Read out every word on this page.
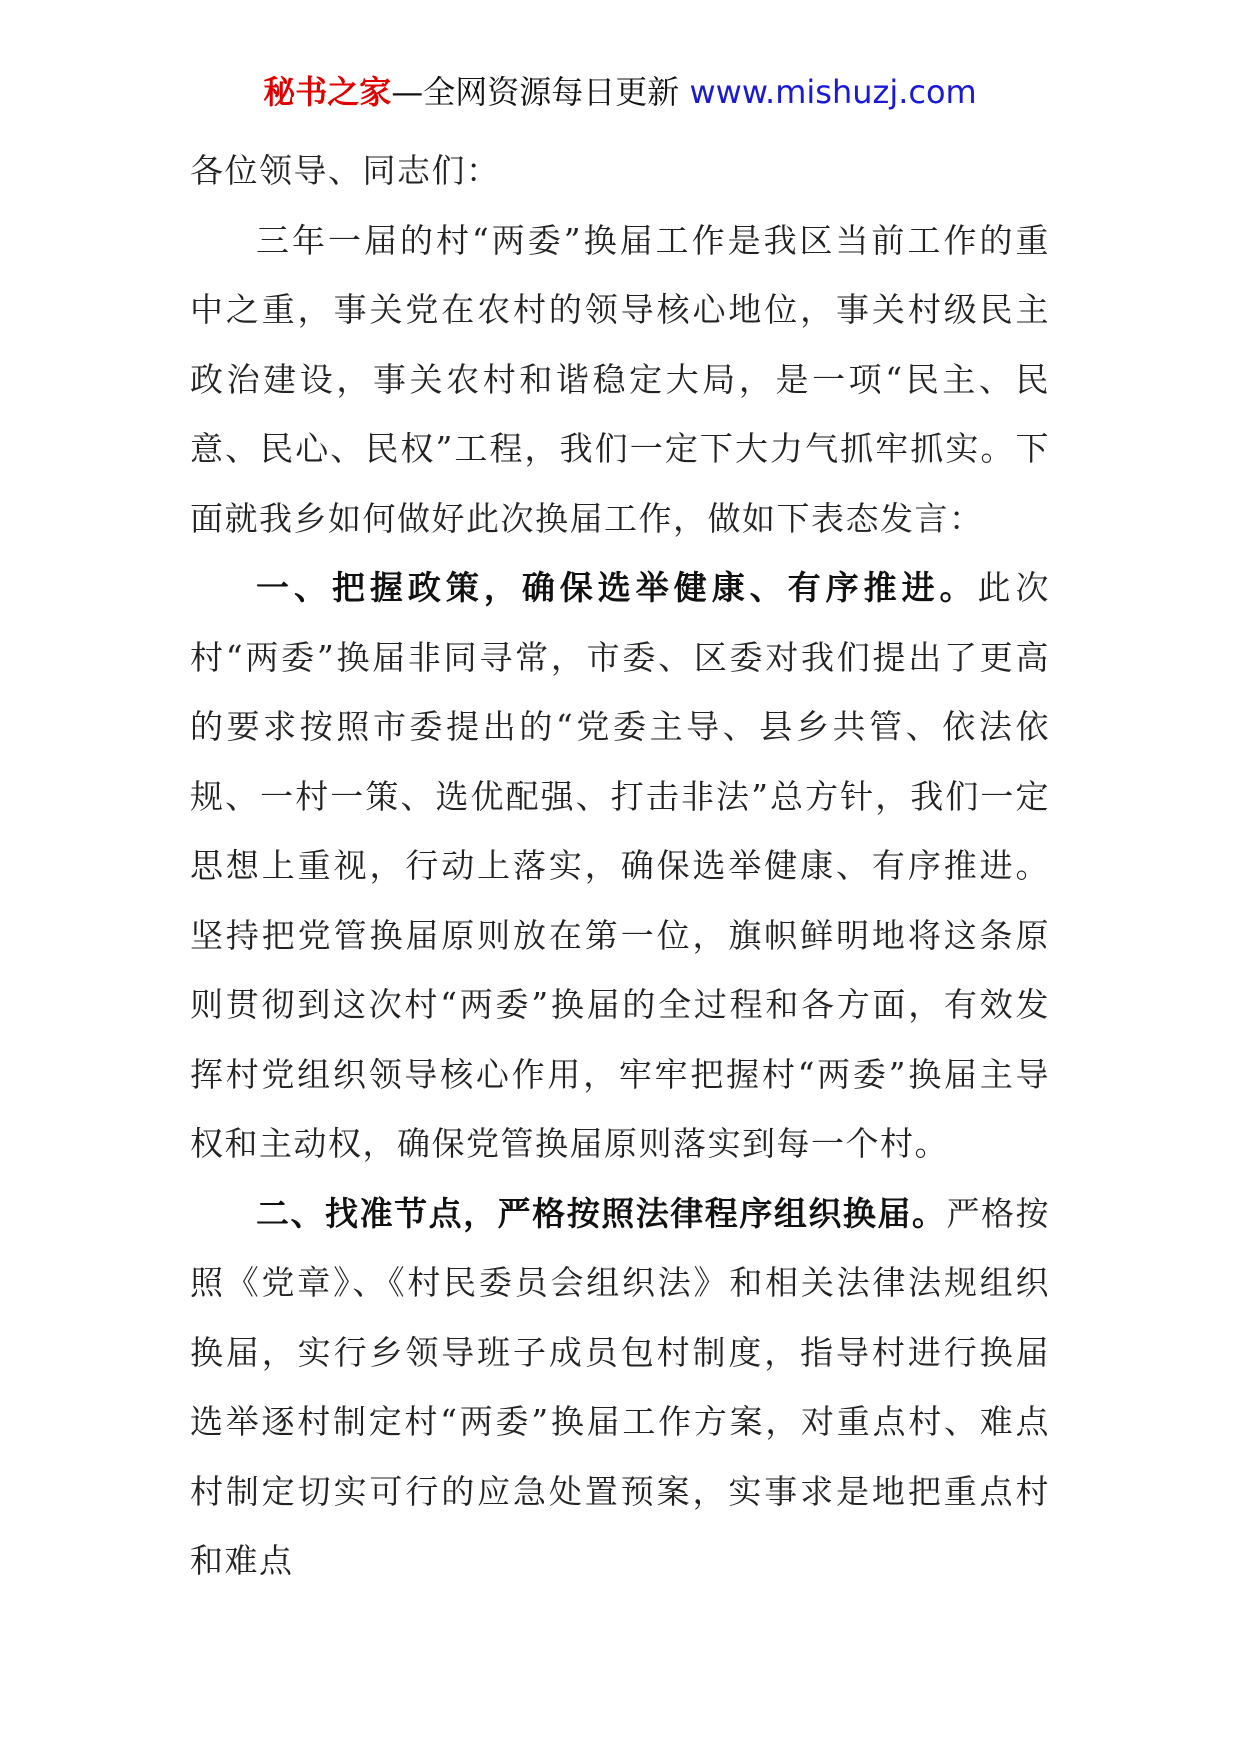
秘书之家—全网资源每日更新 www.mishuzj.com

各位领导、同志们：

三年一届的村“两委”换届工作是我区当前工作的重中之重，事关党在农村的领导核心地位，事关村级民主政治建设，事关农村和谐稳定大局，是一项“民主、民意、民心、民权”工程，我们一定下大力气抓牢抓实。下面就我乡如何做好此次换届工作，做如下表态发言：

一、把握政策，确保选举健康、有序推进。此次村“两委”换届非同寻常，市委、区委对我们提出了更高的要求按照市委提出的“党委主导、县乡共管、依法依规、一村一策、选优配强、打击非法”总方针，我们一定思想上重视，行动上落实，确保选举健康、有序推进。坚持把党管换届原则放在第一位，旗帜鲜明地将这条原则贯彻到这次村“两委”换届的全过程和各方面，有效发挥村党组织领导核心作用，牢牢把握村“两委”换届主导权和主动权，确保党管换届原则落实到每一个村。

二、找准节点，严格按照法律程序组织换届。严格按照《党章》、《村民委员会组织法》和相关法律法规组织换届，实行乡领导班子成员包村制度，指导村进行换届选举逐村制定村“两委”换届工作方案，对重点村、难点村制定切实可行的应急处置预案，实事求是地把重点村和难点
